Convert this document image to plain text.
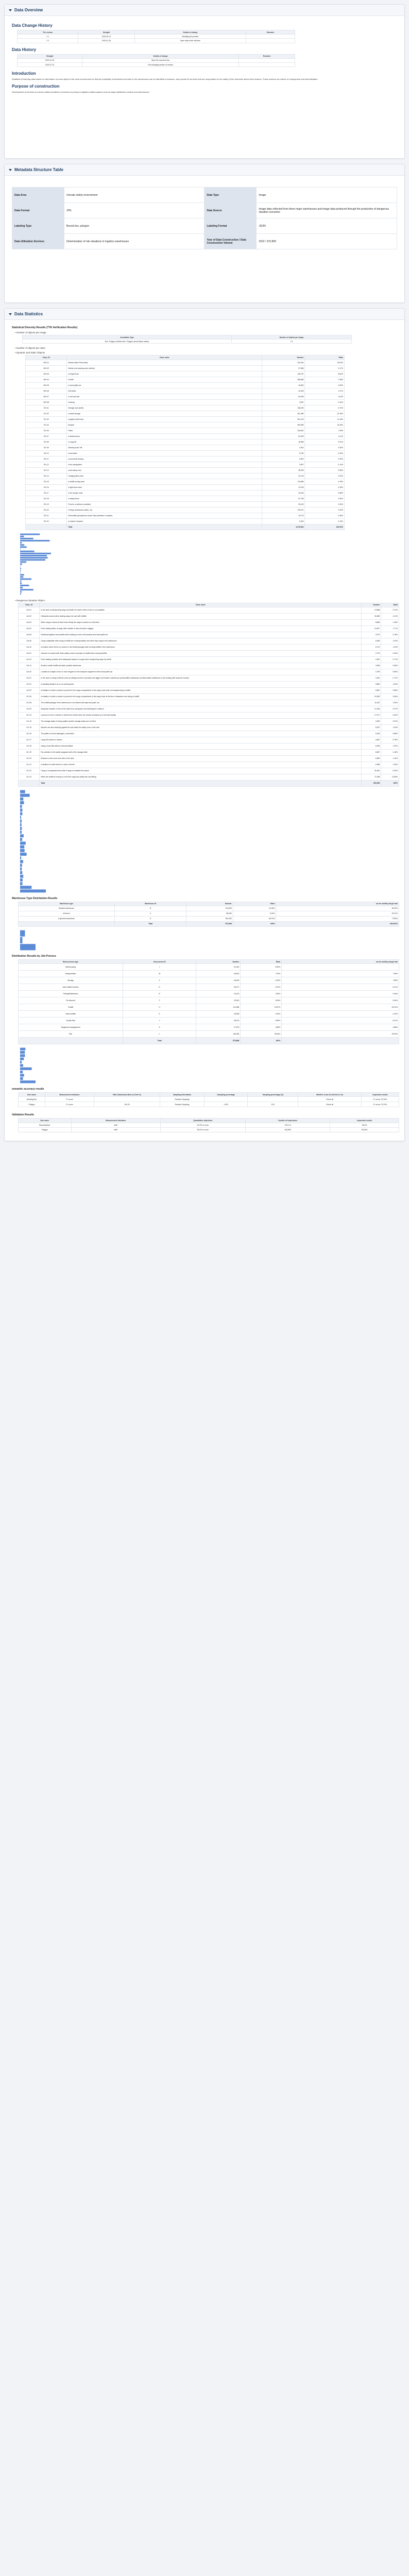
Data Overview
Data Change History
The version	Straight	Details of change	Remarks
1.1	2023-05-12	Modifying its provider	
1.0	2023-01-25	Open data to the first time	
Data History
Straight	Details of change	Remarks
2023-12-25	Open the comment box	
2023-07-10	First changing section of content	
Introduction

Establish AI learning data based on information on each object in the work environment so that the possibility of accidents and risks in the warehouses can be identified in advance, and provide AI services that are responsible for the safety of the domestic and/or field workers. These workers as a factor of employment and diversification

Purpose of construction

Development of services to prevent safety accidents of workers occurring in logistics-related spaces such as large distribution centers and warehouses

Metadata Structure Table
Data Area	Unicate safety environment	Data Type	Image
Data Format	JPG	Data Source	Image data collected from three major warehouses and image data produced through the production of dangerous situation scenarios
Labeling Type	Bound box, polygon	Labeling Format	JSON
Data Utilization Services	Determination of risk situations in logistics warehouses	Year of Data Construction / Data Construction Volume	2022 / 370,899
Data Statistics
Statistical Diversity Results (TTA Verification Results)
• Number of objects per image
Annotation Type	Number of objects per image
Box, Polygon (Ontheir Box, Polygon across Base-match)	7.6
• Number of objects per class
• Dynamic and Static Objects
Class_ID	Class name	Number	Ratio
WO-01	Worker (Man/ Personnel)	192,034	15.81%
WO-02	Worker (not wearing work clothes)	37,568	3.17%
WO-03	⁠a freight truck	128,787	8.84%
WO-04	Forklift	288,698	7.08%
WO-05	a hand pallet car	16,690	3.26%
WO-06	Roll tainer	41,505	1.07%
WO-07	a cart and cart	64,095	1.04%
WO-08	Ducking	3,957	0.34%
SO-01	Storage rack (shelf)	138,195	6.72%
SO-02	Loaded storage	301,066	22.16%
SO-03	Logistics (Hide box)	261,105	11.16%
SO-04	Bracket	269,098	10.06%
SO-05	Pallet	246,081	7.28%
SO-07	a Marked Area	61,099	4.11%
SO-08	a cargo lift	18,985	0.91%
SO-09	Working truck / lift	2,814	0.40%
SO-10	work ladder	8,799	0.29%
SO-11	a personnel fencing	6,649	0.29%
SO-12	a fire extinguisher	3,997	0.14%
SO-13	work safety zone	38,399	0.98%
SO-14	Hanging (Bus) area	31,745	2.02%
SO-15	a forklift moving area	110,698	3.78%
SO-16	a light beam area	12,245	0.49%
SO-17	a fire escape route	16,246	0.88%
SO-18	a safety fence	87,756	2.60%
SO-19	Fixed in a wireless controlled	25,199	0.90%
SO-20	Foreign substances (water, oil)	129,212	2.93%
SO-21	Flammable (phosphorus sound, flew petroleum, eruption)	15,715	0.38%
SO-22	a scheme structure	9,349	0.10%
	Total	3,476,904	100.00%
• Dangerous Situation Object
Class_ID	Class name	Number	Ratio
UA-01	In the case of transporting cargo by forklift, the driver's field of view is not available	13,868	2.31%
UA-02	Obstacles around when loading cargo into cart with forklifts	26,485	4.41%
UA-03	When cargo is stored at fixed forest Study the cargo is loaded on a flat level	8,868	1.48%
UA-04	Push loading status of cargo after transfer in rack and piece regging	10,607	1.77%
UA-05	Individual logistics are possible when loading on rack roll tormators and hand pallet car	4,973	0.78%
UA-06	Cargo collapsible when using a forklift are in transportation and when they cargo in the warehouse	6,266	1.04%
UA-10	A location where there is a person in the forklift passage when moving forklifts in the warehouse	6,179	1.03%
UA-12	Violence of contact with those safety zones for people on forklift when moving forklifts	2,723	0.45%
UA-13	Push loading condition and inadequate balance of cargo when transporting cargo by forklift	4,262	0.71%
UA-14	Another mobile forklift and state (outside warehouse	3,969	0.66%
UA-20	Located at a height of four or more leagues for the transport equipment of the hand pallet car	4,795	0.80%
UA-21	In the case of using a hitherer such as cabling used for rooncases and rigger ion/I inside a warehouse (combustible substances and flammable substances in the working with searcher human)	4,281	0.71%
UC-01	A standing situation on a non-working area	9,866	1.64%
UC-02	A situation in which a worker is present in the cargo compartment of the cargo truck when reversing/moving a forklift	5,891	0.98%
UC-06	A situation in which a worker is present in the cargo compartment of the cargo truck at the time of departure and during a forklift	15,363	2.56%
UC-08	The forklift passage in the warehouse is not marked with tape and paint, too	11,622	1.94%
UC-09	Adequate broaden in front of the bank door and grants and obtaining the outdoors	12,436	2.07%
UC-10	A person in front or behind it, behind the vehicle when the vehicle is backed up in the bank facility	17,977	3.00%
UC-13	The storage status of heavy pallets and the storage status are not fixed	3,090	0.51%
UC-15	Workers are also stacking against fire and inside the safety zone of the rack	8,397	1.40%
UC-16	The pallet is moved (damaged, connected)	5,296	0.88%
UC-17	Cargo lift controls or blazed	4,687	0.78%
UC-18	Using a truck lifts without overload blades	6,095	1.02%
UC-19	Re-condition of the safety equipped with of the storage table	8,887	1.48%
UC-20	Entrance to the work zone with no fire lane	6,980	1.16%
UC-21	a situation in which there is a rack in the fire	6,386	1.06%
UC-22	Cargo is to separated from stick if cargo is installed from stack	31,802	5.30%
UC-24	When the forklift is moving in a sit if the cargo has safety line and hitting	71,085	11.85%
	Total	600,095	100%
Warehouse Type Distribution Results
Warehouse type	Warehouse ID	Number	Ratio	as the ancillary target rate
Bonded warehouse	B	123,823	21.45%	28.32%
A freezer	C	58,849	9.24%	25.01%
A general warehouse	D	394,280	68.70%	7.095%
	Total	573,908	100%	100.001%
Distribution Results by Job Process
Work process type	Job process ID	Number	Ratio	as the ancillary target rate
Warehousing	I	51,349	8.95%	
transportation	M	45,513	7.93%	7.38%
Storage	Z	46,949	8.18%	7.86%
raise added services	D	36,127	6.31%	6.31%
Picking/Distribution	R	15,149	2.69%	2.64%
Re-inbound	F	29,043	5.06%	5.06%
Forklift	H	112,085	19.57%	20.02%
Hand forklifts	E	25,498	4.46%	4.44%
Double Rail	J	38,276	6.89%	6.67%
Equipment management	S	27,975	4.88%	4.88%
Film	L	148,785	25.84%	25.93%
	Total	573,808	100%	
semantic accuracy results
Item name	Measurement indicators	Rate Submission Best so (Test %)	Sampling Information	Sampling percentage	Sampling percentage (%)	Whether it can be derived or not	Inspection results
Bending Box	F1 score		Random Sampling			Check all	F1 score: 97.09%
Polygon	F1 score	100,29	Random Sampling	1,000	9.02	Check all	F1 score: 97.92%
Validation Results
Item name	Measurement indicators	Quantitative objectives	Number of inspections	Inspection results
Bounding Box	mAP	81.5% or more	378,174	83.6%
Polygon	mAP	80.0% or more	263,893	89.43%
